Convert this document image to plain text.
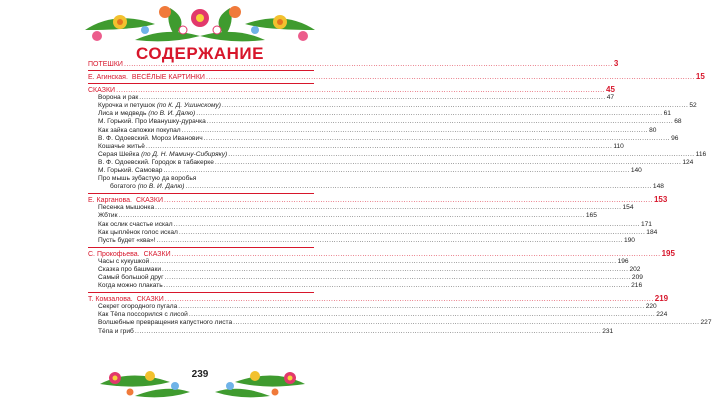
СОДЕРЖАНИЕ
ПОТЕШКИ ........................................................................................................................................................................................................ 3
Е. Агинская. ВЕСЁЛЫЕ КАРТИНКИ ........................................................................................................................................................................................................ 15
СКАЗКИ ........................................................................................................................................................................................................ 45
Ворона и рак ........................................................................................................................................................................................................ 47
Курочка и петушок (по К. Д. Ушинскому) ........................................................................................................................................................................................................ 52
Лиса и медведь (по В. И. Далю) ........................................................................................................................................................................................................ 61
М. Горький. Про Иванушку-дурачка ........................................................................................................................................................................................................ 68
Как зайка сапожки покупал ........................................................................................................................................................................................................ 80
В. Ф. Одоевский. Мороз Иванович ........................................................................................................................................................................................................ 96
Кошачье житьё ........................................................................................................................................................................................................ 110
Серая Шейка (по Д. Н. Мамину-Сибиряку) ........................................................................................................................................................................................................ 116
В. Ф. Одоевский. Городок в табакерке ........................................................................................................................................................................................................ 124
М. Горький. Самовар ........................................................................................................................................................................................................ 140
Про мышь зубастую да воробья
богатого (по В. И. Далю) ........................................................................................................................................................................................................ 148
Е. Карганова. СКАЗКИ ........................................................................................................................................................................................................ 153
Песенка мышонка ........................................................................................................................................................................................................ 154
Жбтик ........................................................................................................................................................................................................ 165
Как ослик счастье искал ........................................................................................................................................................................................................ 171
Как цыплёнок голос искал ........................................................................................................................................................................................................ 184
Пусть будет «ква»! ........................................................................................................................................................................................................ 190
С. Прокофьева. СКАЗКИ ........................................................................................................................................................................................................ 195
Часы с кукушкой ........................................................................................................................................................................................................ 196
Сказка про башмаки ........................................................................................................................................................................................................ 202
Самый большой друг ........................................................................................................................................................................................................ 209
Когда можно плакать ........................................................................................................................................................................................................ 216
Т. Комзалова. СКАЗКИ ........................................................................................................................................................................................................ 219
Секрет огородного пугала ........................................................................................................................................................................................................ 220
Как Тёпа поссорился с лисой ........................................................................................................................................................................................................ 224
Волшебные превращения капустного листа ........................................................................................................................................................................................................ 227
Тёпа и гриб ........................................................................................................................................................................................................ 231
239
